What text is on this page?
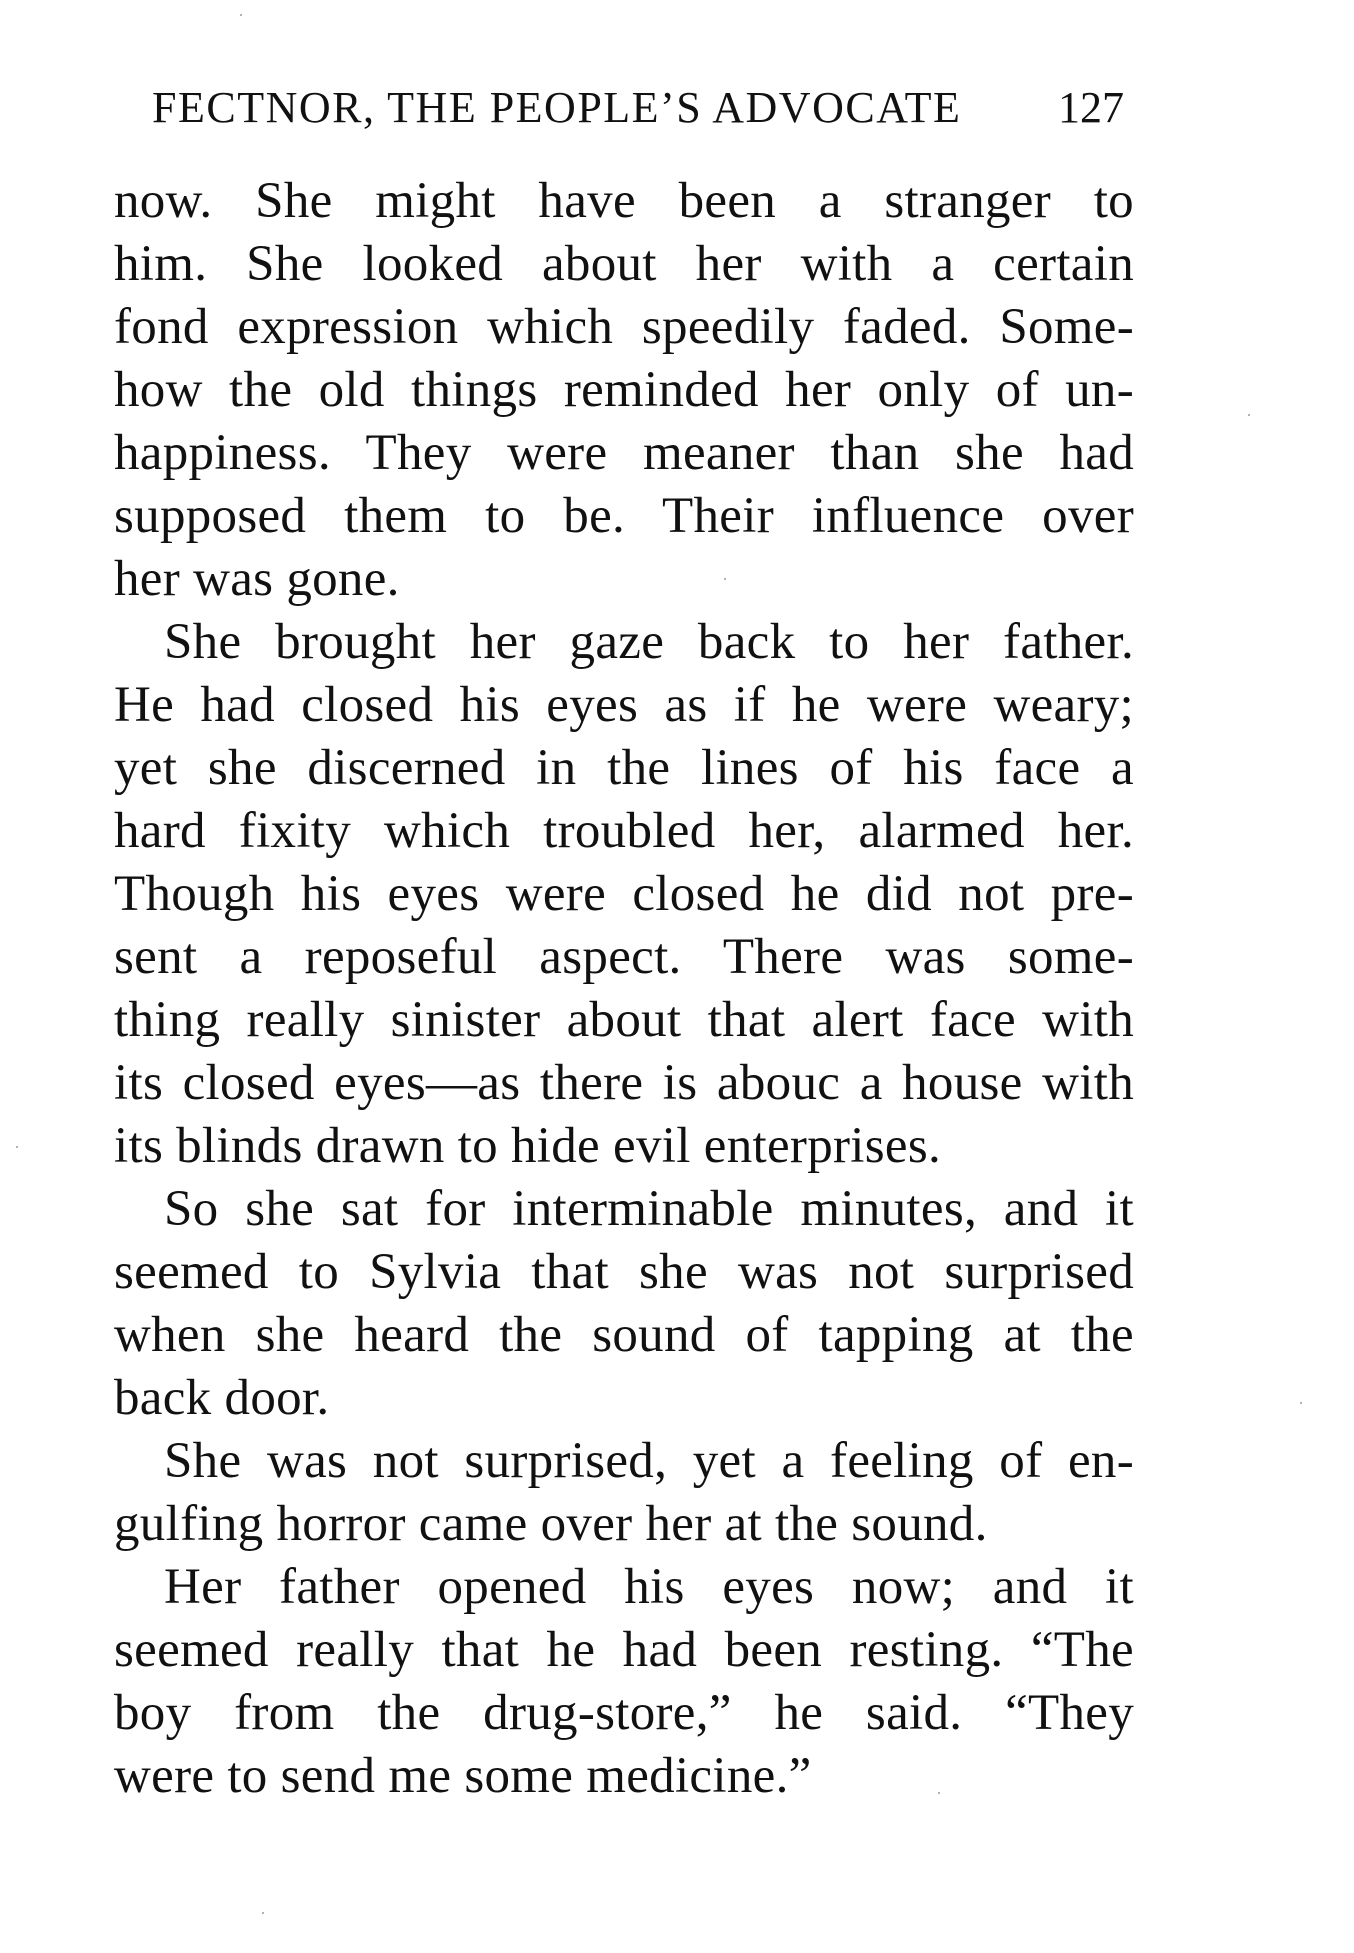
FECTNOR, THE PEOPLE’S ADVOCATE 127
now. She might have been a stranger to
him. She looked about her with a certain
fond expression which speedily faded. Some-
how the old things reminded her only of un-
happiness. They were meaner than she had
supposed them to be. Their influence over
her was gone.
She brought her gaze back to her father.
He had closed his eyes as if he were weary;
yet she discerned in the lines of his face a
hard fixity which troubled her, alarmed her.
Though his eyes were closed he did not pre-
sent a reposeful aspect. There was some-
thing really sinister about that alert face with
its closed eyes—as there is abouc a house with
its blinds drawn to hide evil enterprises.
So she sat for interminable minutes, and it
seemed to Sylvia that she was not surprised
when she heard the sound of tapping at the
back door.
She was not surprised, yet a feeling of en-
gulfing horror came over her at the sound.
Her father opened his eyes now; and it
seemed really that he had been resting. “The
boy from the drug-store,” he said. “They
were to send me some medicine.”
